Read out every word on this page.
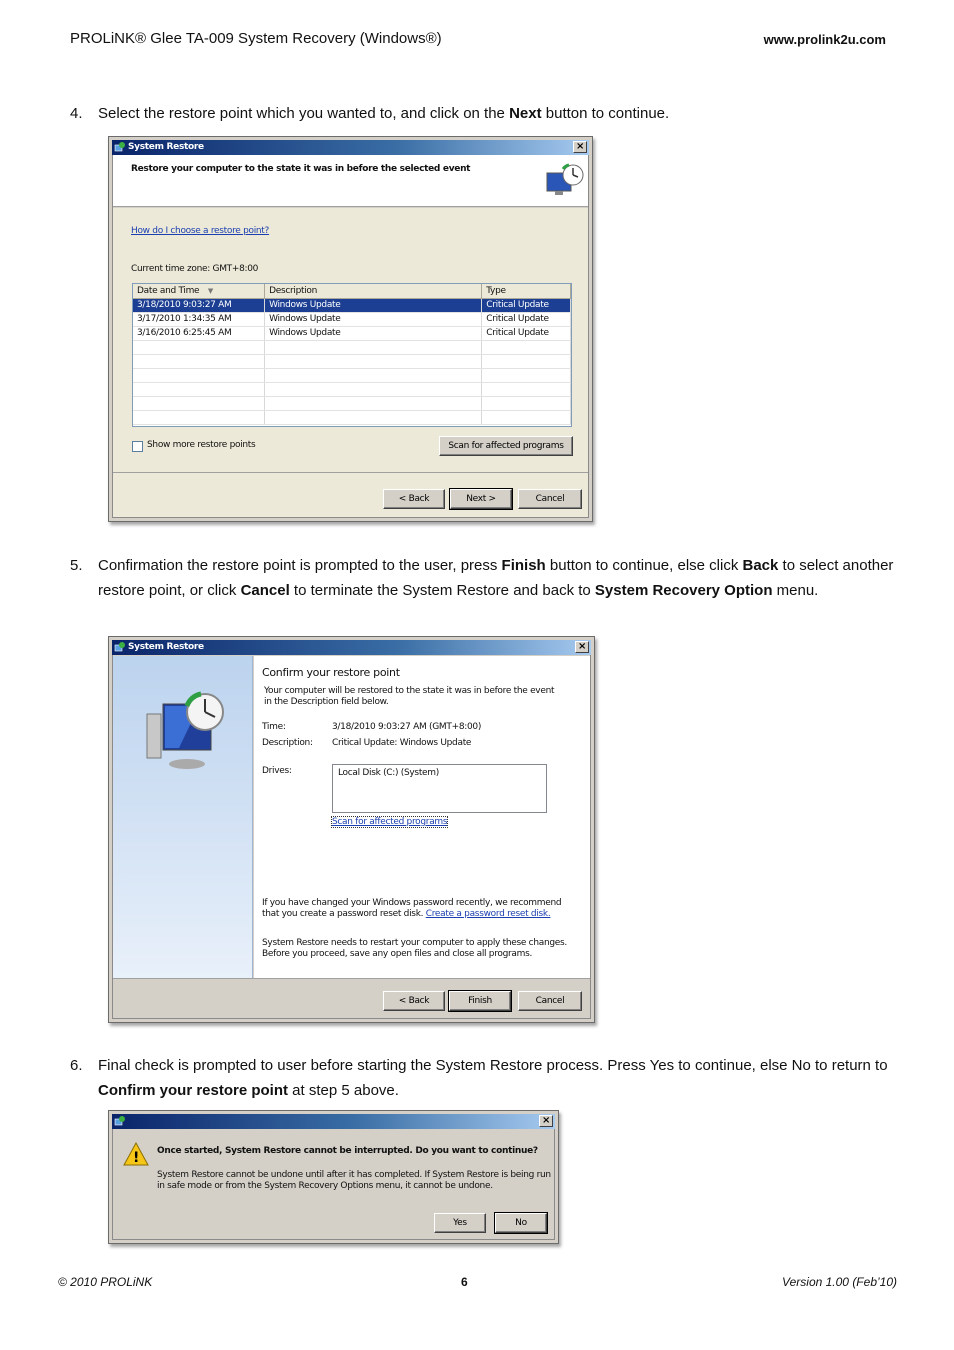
PROLiNK® Glee TA-009 System Recovery (Windows®)	www.prolink2u.com
4. Select the restore point which you wanted to, and click on the Next button to continue.
System Restore	×
Restore your computer to the state it was in before the selected event
How do I choose a restore point?
Current time zone: GMT+8:00
Date and Time ▼	Description	Type
3/18/2010 9:03:27 AM	Windows Update	Critical Update
3/17/2010 1:34:35 AM	Windows Update	Critical Update
3/16/2010 6:25:45 AM	Windows Update	Critical Update

Show more restore points	Scan for affected programs
< Back	Next >	Cancel
5. Confirmation the restore point is prompted to the user, press Finish button to continue, else click Back to select another restore point, or click Cancel to terminate the System Restore and back to System Recovery Option menu.
System Restore	×
Confirm your restore point
Your computer will be restored to the state it was in before the event
in the Description field below.
Time:	3/18/2010 9:03:27 AM (GMT+8:00)
Description: Critical Update: Windows Update
Drives:	Local Disk (C:) (System)
Scan for affected programs
If you have changed your Windows password recently, we recommend
that you create a password reset disk. Create a password reset disk.
System Restore needs to restart your computer to apply these changes.
Before you proceed, save any open files and close all programs.
< Back	Finish	Cancel
6. Final check is prompted to user before starting the System Restore process. Press Yes to continue, else No to return to Confirm your restore point at step 5 above.
×
! Once started, System Restore cannot be interrupted. Do you want to continue?
System Restore cannot be undone until after it has completed. If System Restore is being run
in safe mode or from the System Recovery Options menu, it cannot be undone.
Yes	No
© 2010 PROLiNK	6	Version 1.00 (Feb’10)
